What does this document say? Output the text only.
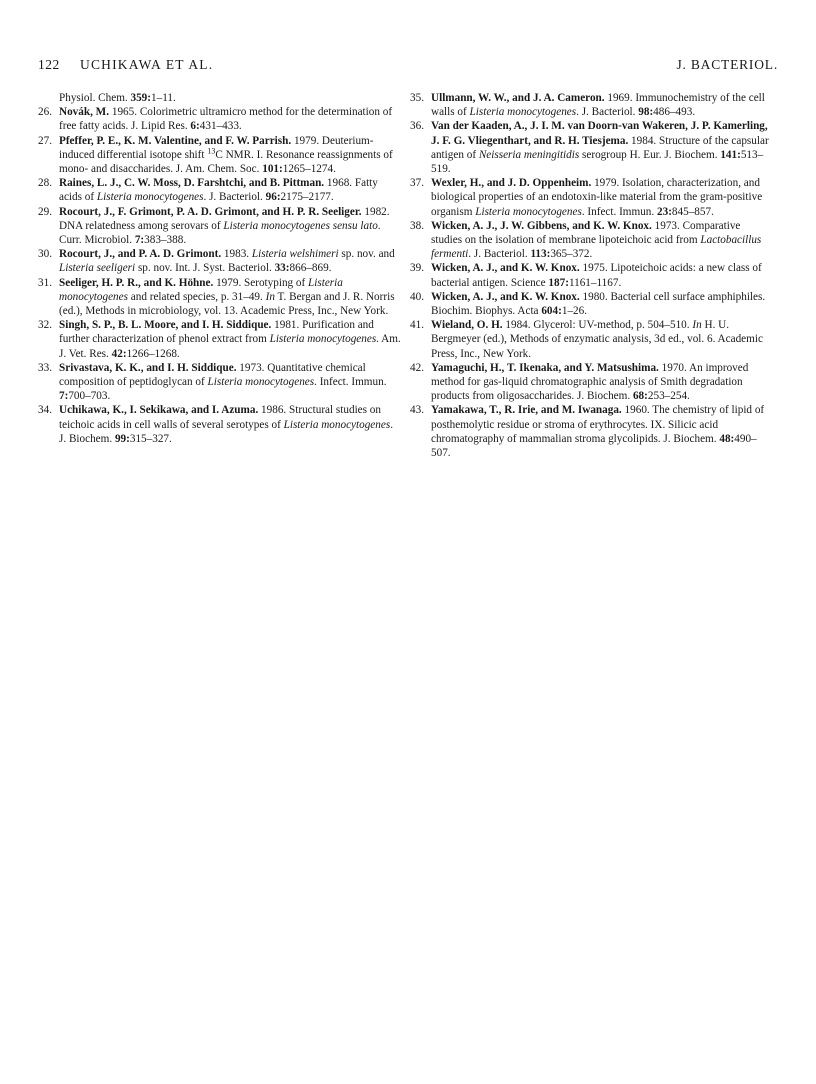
122 UCHIKAWA ET AL.	J. BACTERIOL.

Physiol. Chem. 359:1–11.

26. Novák, M. 1965. Colorimetric ultramicro method for the determination of free fatty acids. J. Lipid Res. 6:431–433.

27. Pfeffer, P. E., K. M. Valentine, and F. W. Parrish. 1979. Deuterium-induced differential isotope shift $^{13}$C NMR. I. Resonance reassignments of mono- and disaccharides. J. Am. Chem. Soc. 101:1265–1274.

28. Raines, L. J., C. W. Moss, D. Farshtchi, and B. Pittman. 1968. Fatty acids of Listeria monocytogenes. J. Bacteriol. 96:2175–2177.

29. Rocourt, J., F. Grimont, P. A. D. Grimont, and H. P. R. Seeliger. 1982. DNA relatedness among serovars of Listeria monocytogenes sensu lato. Curr. Microbiol. 7:383–388.

30. Rocourt, J., and P. A. D. Grimont. 1983. Listeria welshimeri sp. nov. and Listeria seeligeri sp. nov. Int. J. Syst. Bacteriol. 33:866–869.

31. Seeliger, H. P. R., and K. Höhne. 1979. Serotyping of Listeria monocytogenes and related species, p. 31–49. In T. Bergan and J. R. Norris (ed.), Methods in microbiology, vol. 13. Academic Press, Inc., New York.

32. Singh, S. P., B. L. Moore, and I. H. Siddique. 1981. Purification and further characterization of phenol extract from Listeria monocytogenes. Am. J. Vet. Res. 42:1266–1268.

33. Srivastava, K. K., and I. H. Siddique. 1973. Quantitative chemical composition of peptidoglycan of Listeria monocytogenes. Infect. Immun. 7:700–703.

34. Uchikawa, K., I. Sekikawa, and I. Azuma. 1986. Structural studies on teichoic acids in cell walls of several serotypes of Listeria monocytogenes. J. Biochem. 99:315–327.

35. Ullmann, W. W., and J. A. Cameron. 1969. Immunochemistry of the cell walls of Listeria monocytogenes. J. Bacteriol. 98:486–493.

36. Van der Kaaden, A., J. I. M. van Doorn-van Wakeren, J. P. Kamerling, J. F. G. Vliegenthart, and R. H. Tiesjema. 1984. Structure of the capsular antigen of Neisseria meningitidis serogroup H. Eur. J. Biochem. 141:513–519.

37. Wexler, H., and J. D. Oppenheim. 1979. Isolation, characterization, and biological properties of an endotoxin-like material from the gram-positive organism Listeria monocytogenes. Infect. Immun. 23:845–857.

38. Wicken, A. J., J. W. Gibbens, and K. W. Knox. 1973. Comparative studies on the isolation of membrane lipoteichoic acid from Lactobacillus fermenti. J. Bacteriol. 113:365–372.

39. Wicken, A. J., and K. W. Knox. 1975. Lipoteichoic acids: a new class of bacterial antigen. Science 187:1161–1167.

40. Wicken, A. J., and K. W. Knox. 1980. Bacterial cell surface amphiphiles. Biochim. Biophys. Acta 604:1–26.

41. Wieland, O. H. 1984. Glycerol: UV-method, p. 504–510. In H. U. Bergmeyer (ed.), Methods of enzymatic analysis, 3d ed., vol. 6. Academic Press, Inc., New York.

42. Yamaguchi, H., T. Ikenaka, and Y. Matsushima. 1970. An improved method for gas-liquid chromatographic analysis of Smith degradation products from oligosaccharides. J. Biochem. 68:253–254.

43. Yamakawa, T., R. Irie, and M. Iwanaga. 1960. The chemistry of lipid of posthemolytic residue or stroma of erythrocytes. IX. Silicic acid chromatography of mammalian stroma glycolipids. J. Biochem. 48:490–507.
